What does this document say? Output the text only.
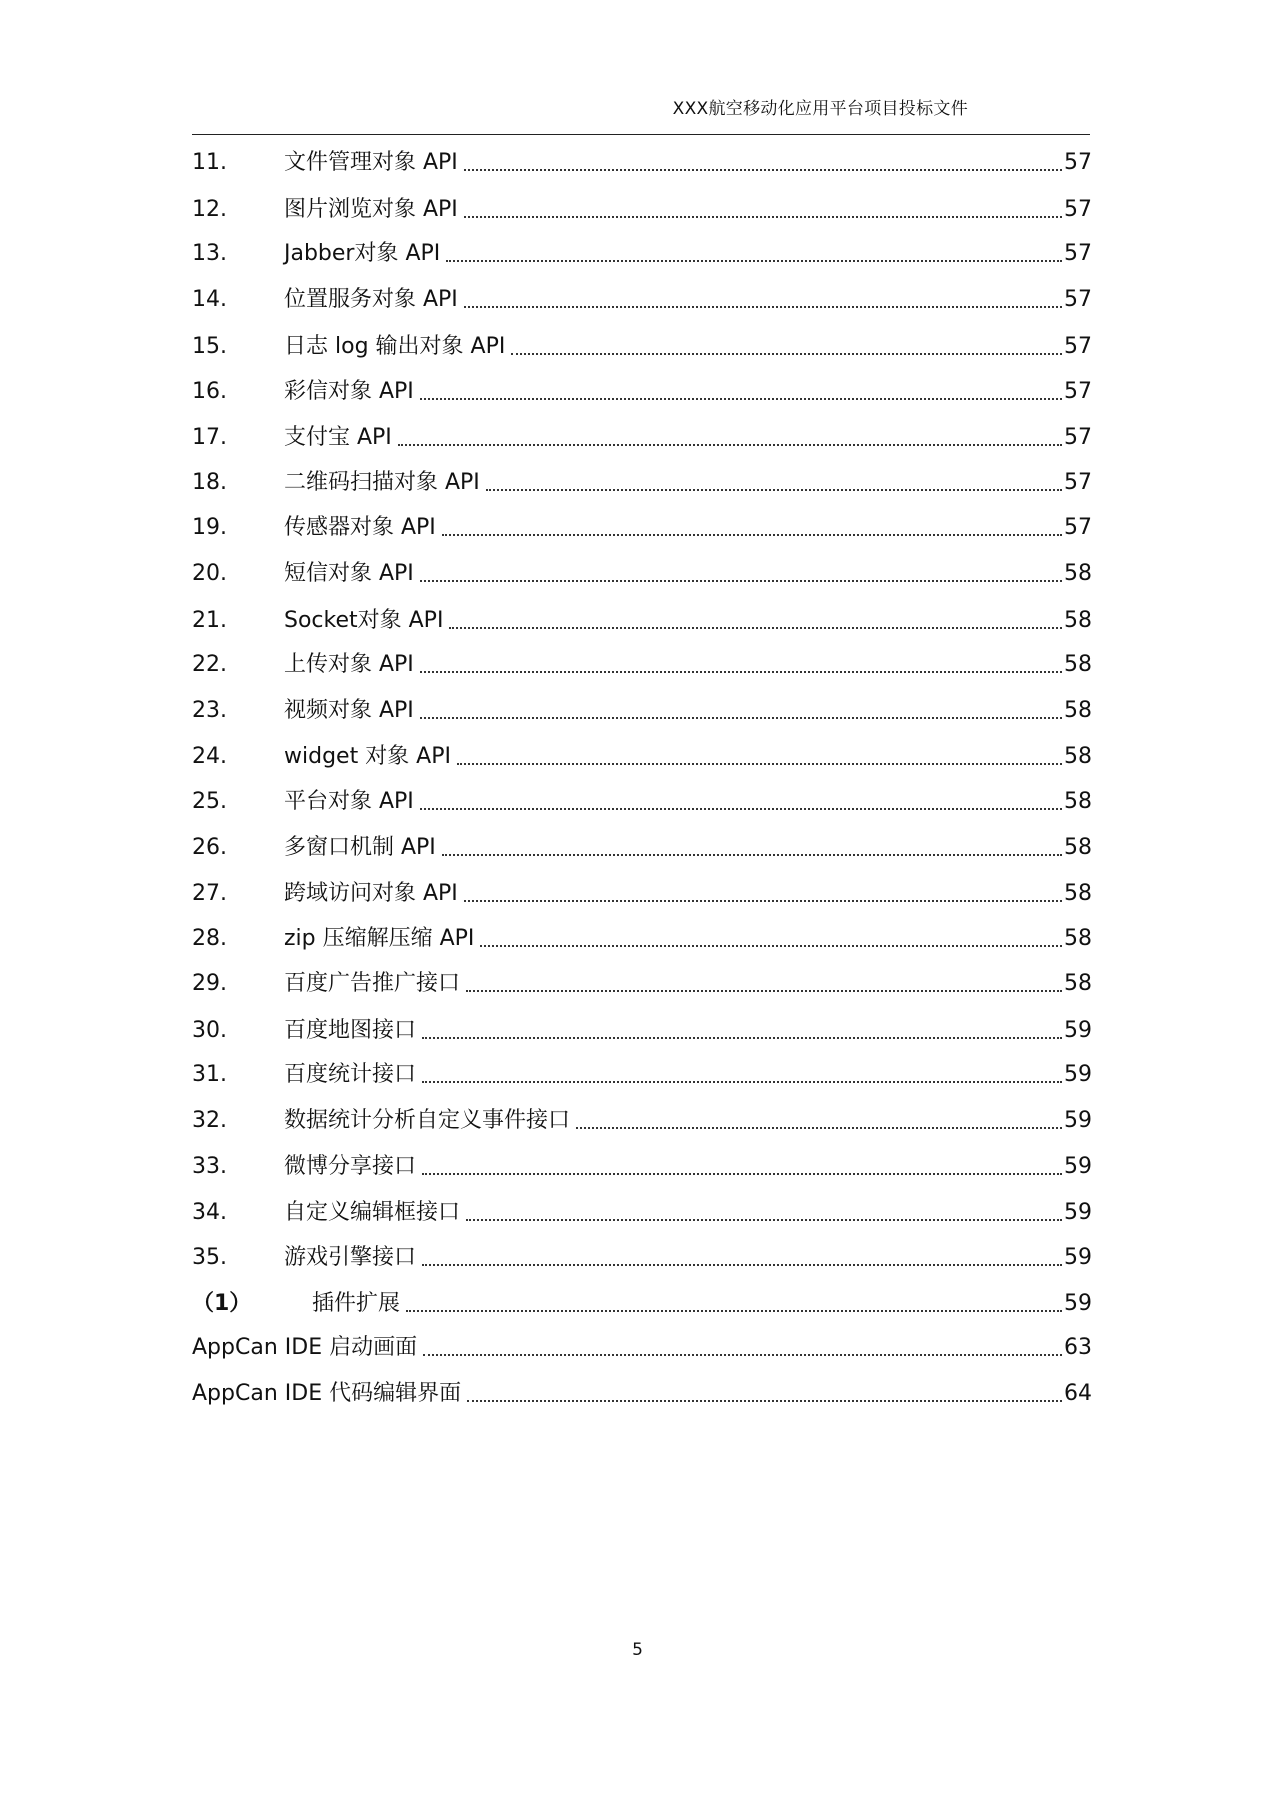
XXX航空移动化应用平台项目投标文件
11.	文件管理对象 API	57
12.	图片浏览对象 API	57
13.	Jabber对象 API	57
14.	位置服务对象 API	57
15.	日志 log 输出对象 API	57
16.	彩信对象 API	57
17.	支付宝 API	57
18.	二维码扫描对象 API	57
19.	传感器对象 API	57
20.	短信对象 API	58
21.	Socket对象 API	58
22.	上传对象 API	58
23.	视频对象 API	58
24.	widget 对象 API	58
25.	平台对象 API	58
26.	多窗口机制 API	58
27.	跨域访问对象 API	58
28.	zip 压缩解压缩 API	58
29.	百度广告推广接口	58
30.	百度地图接口	59
31.	百度统计接口	59
32.	数据统计分析自定义事件接口	59
33.	微博分享接口	59
34.	自定义编辑框接口	59
35.	游戏引擎接口	59
（1）	插件扩展	59
AppCan IDE 启动画面	63
AppCan IDE 代码编辑界面	64
5
